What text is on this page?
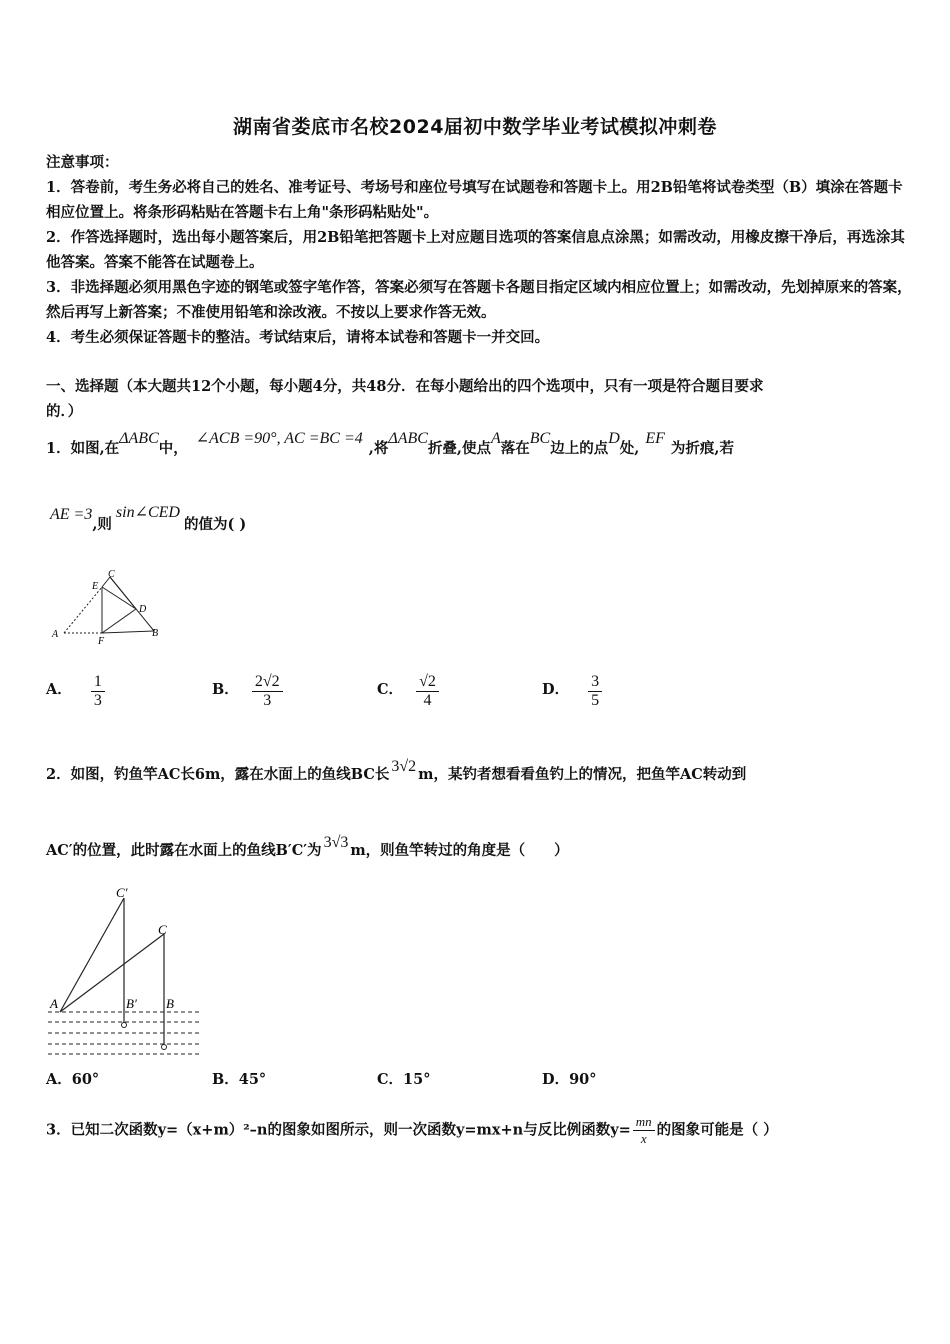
湖南省娄底市名校2024届初中数学毕业考试模拟冲刺卷
注意事项：
1．答卷前，考生务必将自己的姓名、准考证号、考场号和座位号填写在试题卷和答题卡上。用2B铅笔将试卷类型（B）填涂在答题卡相应位置上。将条形码粘贴在答题卡右上角"条形码粘贴处"。
2．作答选择题时，选出每小题答案后，用2B铅笔把答题卡上对应题目选项的答案信息点涂黑；如需改动，用橡皮擦干净后，再选涂其他答案。答案不能答在试题卷上。
3．非选择题必须用黑色字迹的钢笔或签字笔作答，答案必须写在答题卡各题目指定区域内相应位置上；如需改动，先划掉原来的答案，然后再写上新答案；不准使用铅笔和涂改液。不按以上要求作答无效。
4．考生必须保证答题卡的整洁。考试结束后，请将本试卷和答题卡一并交回。
一、选择题（本大题共12个小题，每小题4分，共48分．在每小题给出的四个选项中，只有一项是符合题目要求
的．）
1．如图,在ΔABC中，∠ACB =90°, AC =BC =4,将ΔABC折叠,使点A落在BC边上的点D处,EF为折痕,若
AE =3,则sin∠CED的值为( )
C
E
D
A
F
B
A． $\frac{1}{3}$	B． $\frac{2√2}{3}$	C． $\frac{√2}{4}$	D． $\frac{3}{5}$
2．如图，钓鱼竿AC长6m，露在水面上的鱼线BC长 3√2 m，某钓者想看看鱼钓上的情况，把鱼竿AC转动到
AC′的位置，此时露在水面上的鱼线B′C′为 3√3 m，则鱼竿转过的角度是（　　）
C′
C
A	B′ B
A．60°	B．45°	C．15°	D．90°
3．已知二次函数y=（x+m）²–n的图象如图所示，则一次函数y=mx+n与反比例函数$y= \frac{mn}{x}$ 的图象可能是（ ）
